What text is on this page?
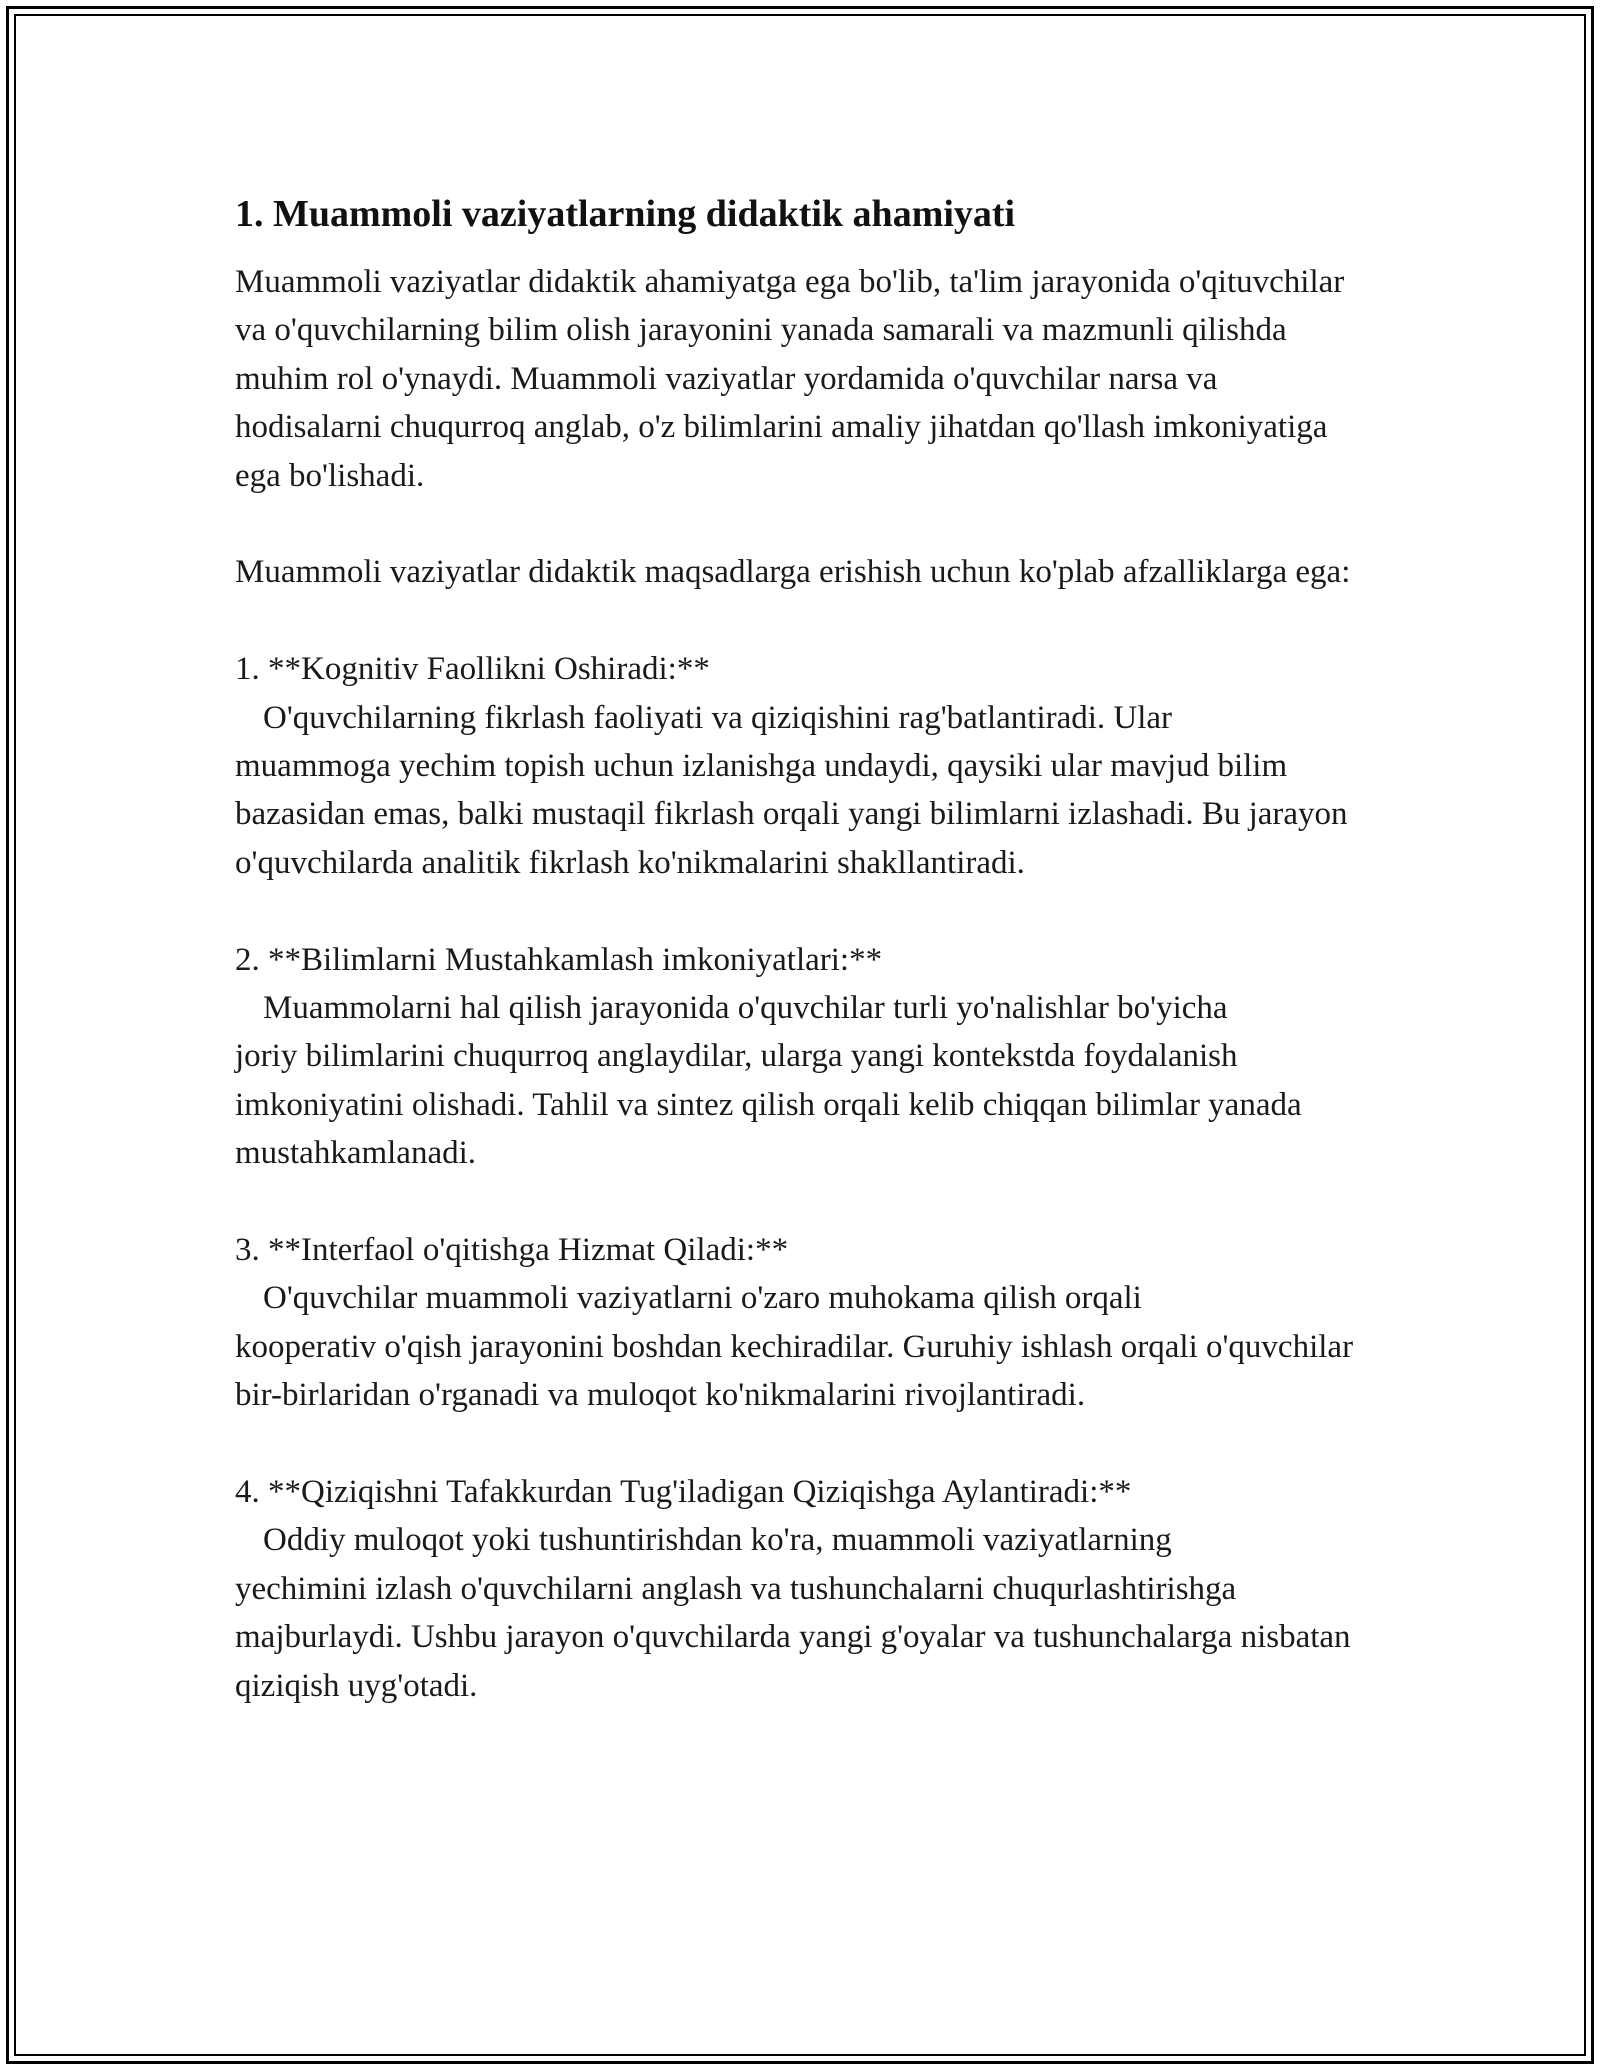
1. Muammoli vaziyatlarning didaktik ahamiyati

Muammoli vaziyatlar didaktik ahamiyatga ega bo'lib, ta'lim jarayonida o'qituvchilar va o'quvchilarning bilim olish jarayonini yanada samarali va mazmunli qilishda muhim rol o'ynaydi. Muammoli vaziyatlar yordamida o'quvchilar narsa va hodisalarni chuqurroq anglab, o'z bilimlarini amaliy jihatdan qo'llash imkoniyatiga ega bo'lishadi.

Muammoli vaziyatlar didaktik maqsadlarga erishish uchun ko'plab afzalliklarga ega:

1. **Kognitiv Faollikni Oshiradi:**
O'quvchilarning fikrlash faoliyati va qiziqishini rag'batlantiradi. Ular
muammoga yechim topish uchun izlanishga undaydi, qaysiki ular mavjud bilim bazasidan emas, balki mustaqil fikrlash orqali yangi bilimlarni izlashadi. Bu jarayon o'quvchilarda analitik fikrlash ko'nikmalarini shakllantiradi.

2. **Bilimlarni Mustahkamlash imkoniyatlari:**
Muammolarni hal qilish jarayonida o'quvchilar turli yo'nalishlar bo'yicha
joriy bilimlarini chuqurroq anglaydilar, ularga yangi kontekstda foydalanish imkoniyatini olishadi. Tahlil va sintez qilish orqali kelib chiqqan bilimlar yanada mustahkamlanadi.

3. **Interfaol o'qitishga Hizmat Qiladi:**
O'quvchilar muammoli vaziyatlarni o'zaro muhokama qilish orqali
kooperativ o'qish jarayonini boshdan kechiradilar. Guruhiy ishlash orqali o'quvchilar bir-birlaridan o'rganadi va muloqot ko'nikmalarini rivojlantiradi.

4. **Qiziqishni Tafakkurdan Tug'iladigan Qiziqishga Aylantiradi:**
Oddiy muloqot yoki tushuntirishdan ko'ra, muammoli vaziyatlarning
yechimini izlash o'quvchilarni anglash va tushunchalarni chuqurlashtirishga majburlaydi. Ushbu jarayon o'quvchilarda yangi g'oyalar va tushunchalarga nisbatan qiziqish uyg'otadi.
